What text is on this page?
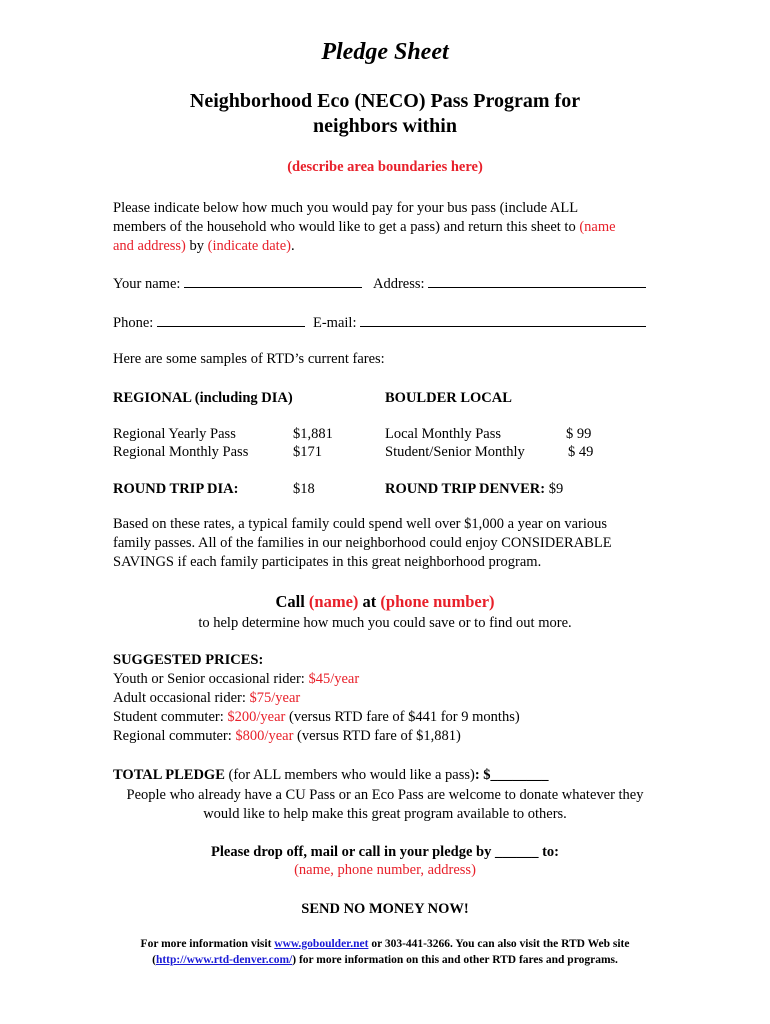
Pledge Sheet
Neighborhood Eco (NECO) Pass Program for
neighbors within
(describe area boundaries here)
Please indicate below how much you would pay for your bus pass (include ALL
members of the household who would like to get a pass) and return this sheet to (name
and address) by (indicate date).
Your name:	Address:
Phone:	E-mail:
Here are some samples of RTD’s current fares:
REGIONAL (including DIA)	BOULDER LOCAL
Regional Yearly Pass	$1,881	Local Monthly Pass	$ 99
Regional Monthly Pass	$171	Student/Senior Monthly	$ 49
ROUND TRIP DIA:	$18	ROUND TRIP DENVER: $9
Based on these rates, a typical family could spend well over $1,000 a year on various
family passes. All of the families in our neighborhood could enjoy CONSIDERABLE
SAVINGS if each family participates in this great neighborhood program.
Call (name) at (phone number)
to help determine how much you could save or to find out more.
SUGGESTED PRICES:
Youth or Senior occasional rider: $45/year
Adult occasional rider: $75/year
Student commuter: $200/year (versus RTD fare of $441 for 9 months)
Regional commuter: $800/year (versus RTD fare of $1,881)
TOTAL PLEDGE (for ALL members who would like a pass): $________
People who already have a CU Pass or an Eco Pass are welcome to donate whatever they
would like to help make this great program available to others.
Please drop off, mail or call in your pledge by ______ to:
(name, phone number, address)
SEND NO MONEY NOW!
For more information visit www.goboulder.net or 303-441-3266. You can also visit the RTD Web site
(http://www.rtd-denver.com/) for more information on this and other RTD fares and programs.
